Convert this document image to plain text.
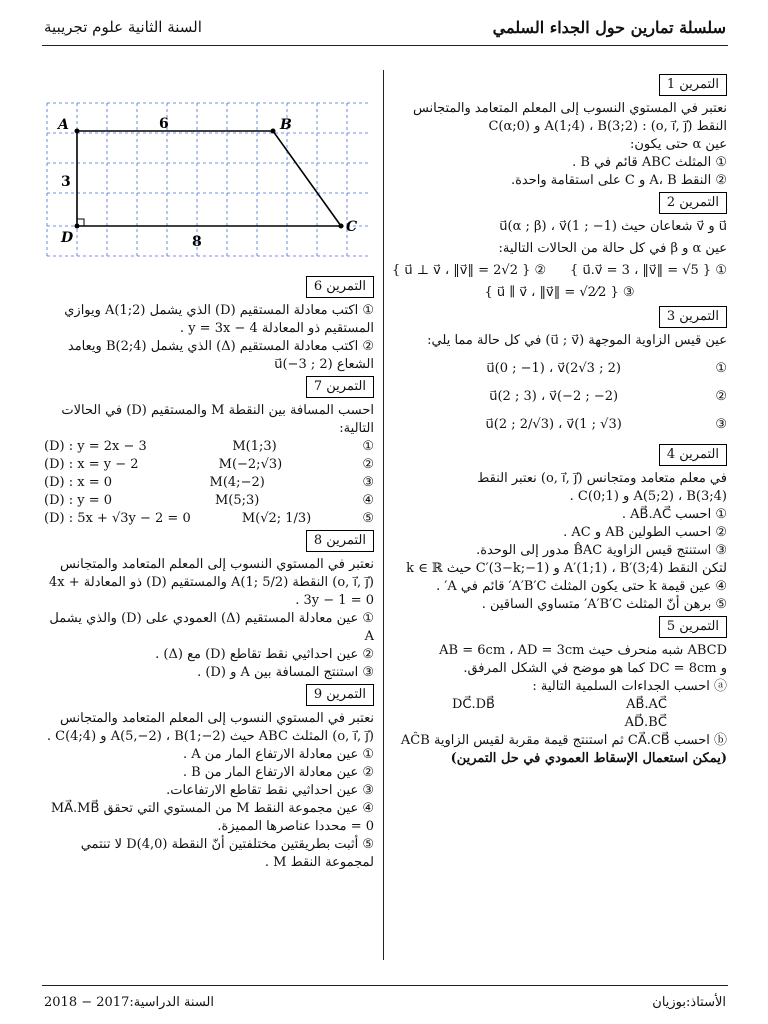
السنة الثانية علوم تجريبية	سلسلة تمارين حول الجداء السلمي
التمرين 1

نعتبر في المستوي النسوب إلى المعلم المتعامد والمتجانس

النقط (o, i⃗, j⃗) : A(1;4) ، B(3;2) و C(α;0)

عين α حتى يكون:

① المثلث ABC قائم في B .

② النقط A، B و C على استقامة واحدة.

التمرين 2

u⃗ و v⃗ شعاعان حيث u⃗(α ; β) ، v⃗(1 ; −1)

عين α و β في كل حالة من الحالات التالية:

① { u⃗.v⃗ = 3 ، ‖v⃗‖ = √5 }
② { u⃗ ⊥ v⃗ ، ‖v⃗‖ = 2√2 }

③ { u⃗ ∥ v⃗ ، ‖v⃗‖ = √2⁄2 }

التمرين 3

عين قيس الزاوية الموجهة (u⃗ ; v⃗) في كل حالة مما يلي:

①
u⃗(0 ; −1) ، v⃗(2√3 ; 2)
②
u⃗(2 ; 3) ، v⃗(−2 ; −2)
③
u⃗(2 ; 2/√3) ، v⃗(1 ; √3)
التمرين 4

في معلم متعامد ومتجانس (o, i⃗, j⃗) نعتبر النقط

A(5;2) ، B(3;4) و C(0;1) .

① احسب AB⃗.AC⃗ .

② احسب الطولين AB و AC .

③ استنتج قيس الزاوية B̂AC مدور إلى الوحدة.

لتكن النقط A′(1;1) ، B′(3;4) و C′(3−k;−1) حيث k ∈ ℝ

④ عين قيمة k حتى يكون المثلث A′B′C′ قائم في A′ .

⑤ برهن أنّ المثلث A′B′C′ متساوي الساقين .

التمرين 5

ABCD شبه منحرف حيث AB = 6cm ، AD = 3cm

و DC = 8cm كما هو موضح في الشكل المرفق.

ⓐ احسب الجداءات السلمية التالية :

AB⃗.AC⃗
DC⃗.DB⃗
AD⃗.BC⃗

ⓑ احسب CA⃗.CB⃗ ثم استنتج قيمة مقربة لقيس الزاوية AĈB

(يمكن استعمال الإسقاط العمودي في حل التمرين)

A	B
C
D
6
3
8
التمرين 6

① اكتب معادلة المستقيم (D) الذي يشمل A(1;2) ويوازي المستقيم ذو المعادلة y = 3x − 4 .

② اكتب معادلة المستقيم (Δ) الذي يشمل B(2;4) ويعامد الشعاع u⃗(−3 ; 2)

التمرين 7

احسب المسافة بين النقطة M والمستقيم (D) في الحالات التالية:

①
M(1;3)
(D) : y = 2x − 3
②
M(−2;√3)
(D) : x = y − 2
③
M(4;−2)
(D) : x = 0
④
M(5;3)
(D) : y = 0
⑤
M(√2; 1/3)
(D) : 5x + √3y − 2 = 0
التمرين 8

نعتبر في المستوي النسوب إلى المعلم المتعامد والمتجانس (o, i⃗, j⃗) النقطة A(1; 5/2) والمستقيم (D) ذو المعادلة 4x + 3y − 1 = 0 .

① عين معادلة المستقيم (Δ) العمودي على (D) والذي يشمل A

② عين احداثيي نقط تقاطع (D) مع (Δ) .

③ استنتج المسافة بين A و (D) .

التمرين 9

نعتبر في المستوي النسوب إلى المعلم المتعامد والمتجانس (o, i⃗, j⃗) المثلث ABC حيث A(5,−2) ، B(1;−2) و C(4;4) .

① عين معادلة الارتفاع المار من A .

② عين معادلة الارتفاع المار من B .

③ عين احداثيي نقط تقاطع الارتفاعات.

④ عين مجموعة النقط M من المستوي التي تحقق MA⃗.MB⃗ = 0 محددا عناصرها المميزة.

⑤ أثبت بطريقتين مختلفتين أنّ النقطة D(4,0) لا تنتمي لمجموعة النقط M .

السنة الدراسية:2017 − 2018	الأستاذ:بوزيان
